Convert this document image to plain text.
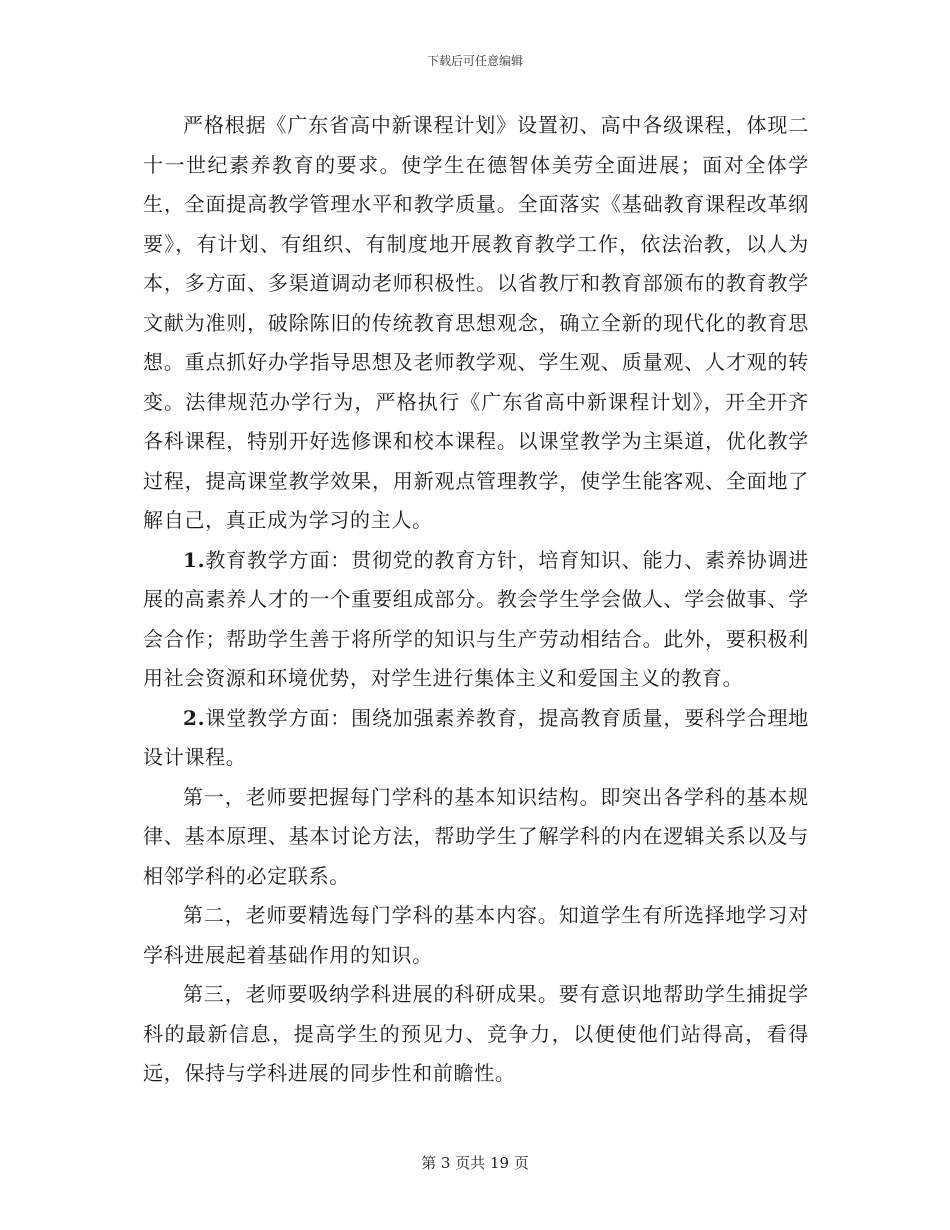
下载后可任意编辑

严格根据《广东省高中新课程计划》设置初、高中各级课程，体现二十一世纪素养教育的要求。使学生在德智体美劳全面进展；面对全体学生，全面提高教学管理水平和教学质量。全面落实《基础教育课程改革纲要》，有计划、有组织、有制度地开展教育教学工作，依法治教，以人为本，多方面、多渠道调动老师积极性。以省教厅和教育部颁布的教育教学文献为准则，破除陈旧的传统教育思想观念，确立全新的现代化的教育思想。重点抓好办学指导思想及老师教学观、学生观、质量观、人才观的转变。法律规范办学行为，严格执行《广东省高中新课程计划》，开全开齐各科课程，特别开好选修课和校本课程。以课堂教学为主渠道，优化教学过程，提高课堂教学效果，用新观点管理教学，使学生能客观、全面地了解自己，真正成为学习的主人。

1.教育教学方面：贯彻党的教育方针，培育知识、能力、素养协调进展的高素养人才的一个重要组成部分。教会学生学会做人、学会做事、学会合作；帮助学生善于将所学的知识与生产劳动相结合。此外，要积极利用社会资源和环境优势，对学生进行集体主义和爱国主义的教育。

2.课堂教学方面：围绕加强素养教育，提高教育质量，要科学合理地设计课程。

第一，老师要把握每门学科的基本知识结构。即突出各学科的基本规律、基本原理、基本讨论方法，帮助学生了解学科的内在逻辑关系以及与相邻学科的必定联系。

第二，老师要精选每门学科的基本内容。知道学生有所选择地学习对学科进展起着基础作用的知识。

第三，老师要吸纳学科进展的科研成果。要有意识地帮助学生捕捉学科的最新信息，提高学生的预见力、竞争力，以便使他们站得高，看得远，保持与学科进展的同步性和前瞻性。

第 3 页共 19 页
